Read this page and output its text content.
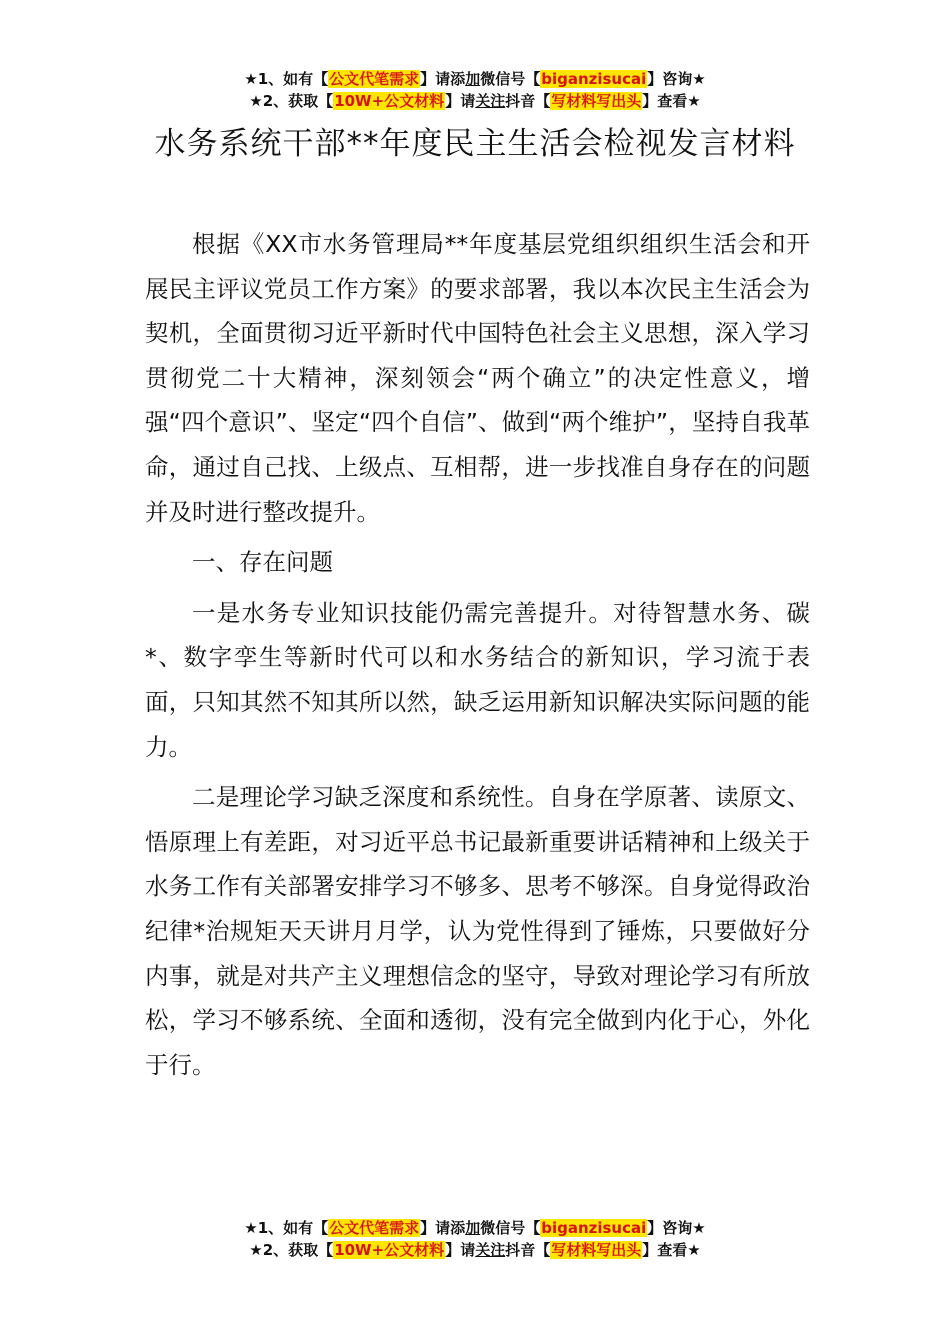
★1、如有【公文代笔需求】请添加微信号【biganzisucai】咨询★
★2、获取【10W+公文材料】请关注抖音【写材料写出头】查看★
水务系统干部**年度民主生活会检视发言材料

根据《XX市水务管理局**年度基层党组织组织生活会和开展民主评议党员工作方案》的要求部署，我以本次民主生活会为契机，全面贯彻习近平新时代中国特色社会主义思想，深入学习贯彻党二十大精神，深刻领会“两个确立”的决定性意义，增强“四个意识”、坚定“四个自信”、做到“两个维护”，坚持自我革命，通过自己找、上级点、互相帮，进一步找准自身存在的问题并及时进行整改提升。

一、存在问题

一是水务专业知识技能仍需完善提升。对待智慧水务、碳*、数字孪生等新时代可以和水务结合的新知识，学习流于表面，只知其然不知其所以然，缺乏运用新知识解决实际问题的能力。

二是理论学习缺乏深度和系统性。自身在学原著、读原文、悟原理上有差距，对习近平总书记最新重要讲话精神和上级关于水务工作有关部署安排学习不够多、思考不够深。自身觉得政治纪律*治规矩天天讲月月学，认为党性得到了锤炼，只要做好分内事，就是对共产主义理想信念的坚守，导致对理论学习有所放松，学习不够系统、全面和透彻，没有完全做到内化于心，外化于行。

★1、如有【公文代笔需求】请添加微信号【biganzisucai】咨询★
★2、获取【10W+公文材料】请关注抖音【写材料写出头】查看★
